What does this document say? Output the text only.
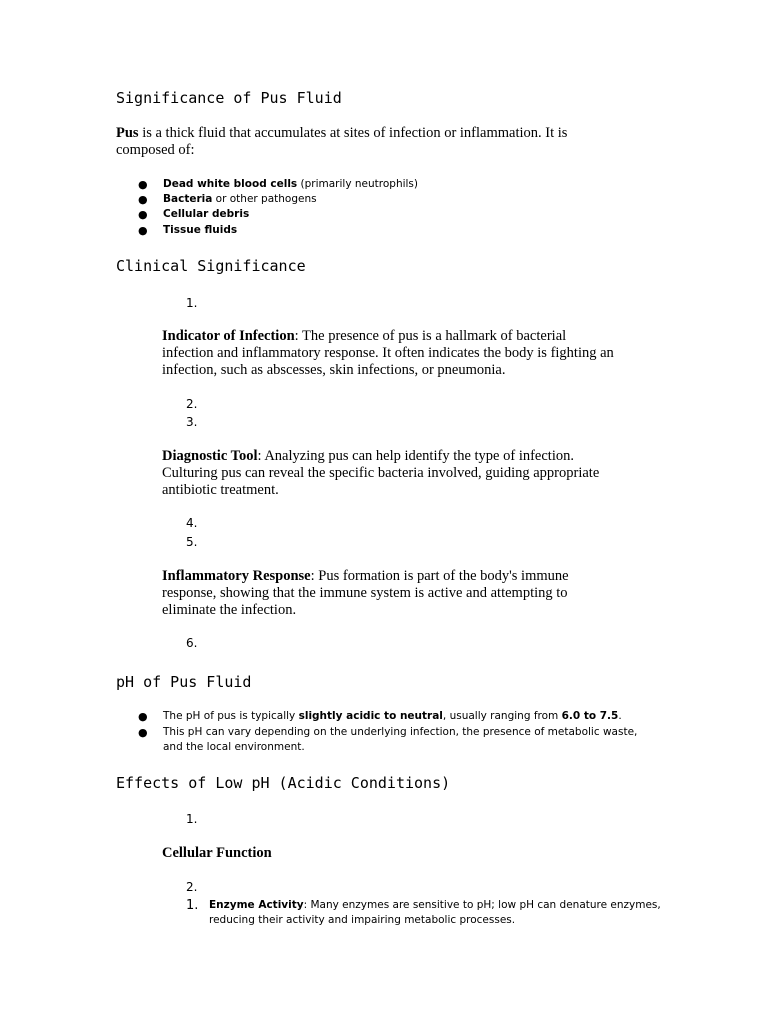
Significance of Pus Fluid
Pus is a thick fluid that accumulates at sites of infection or inflammation. It is
composed of:
● Dead white blood cells (primarily neutrophils)
● Bacteria or other pathogens
● Cellular debris
● Tissue fluids
Clinical Significance
1.
Indicator of Infection: The presence of pus is a hallmark of bacterial
infection and inflammatory response. It often indicates the body is fighting an
infection, such as abscesses, skin infections, or pneumonia.
2.
3.
Diagnostic Tool: Analyzing pus can help identify the type of infection.
Culturing pus can reveal the specific bacteria involved, guiding appropriate
antibiotic treatment.
4.
5.
Inflammatory Response: Pus formation is part of the body's immune
response, showing that the immune system is active and attempting to
eliminate the infection.
6.
pH of Pus Fluid
● The pH of pus is typically slightly acidic to neutral, usually ranging from 6.0 to 7.5.
● This pH can vary depending on the underlying infection, the presence of metabolic waste,
and the local environment.
Effects of Low pH (Acidic Conditions)
1.
Cellular Function
2.
1. Enzyme Activity: Many enzymes are sensitive to pH; low pH can denature enzymes,
reducing their activity and impairing metabolic processes.
